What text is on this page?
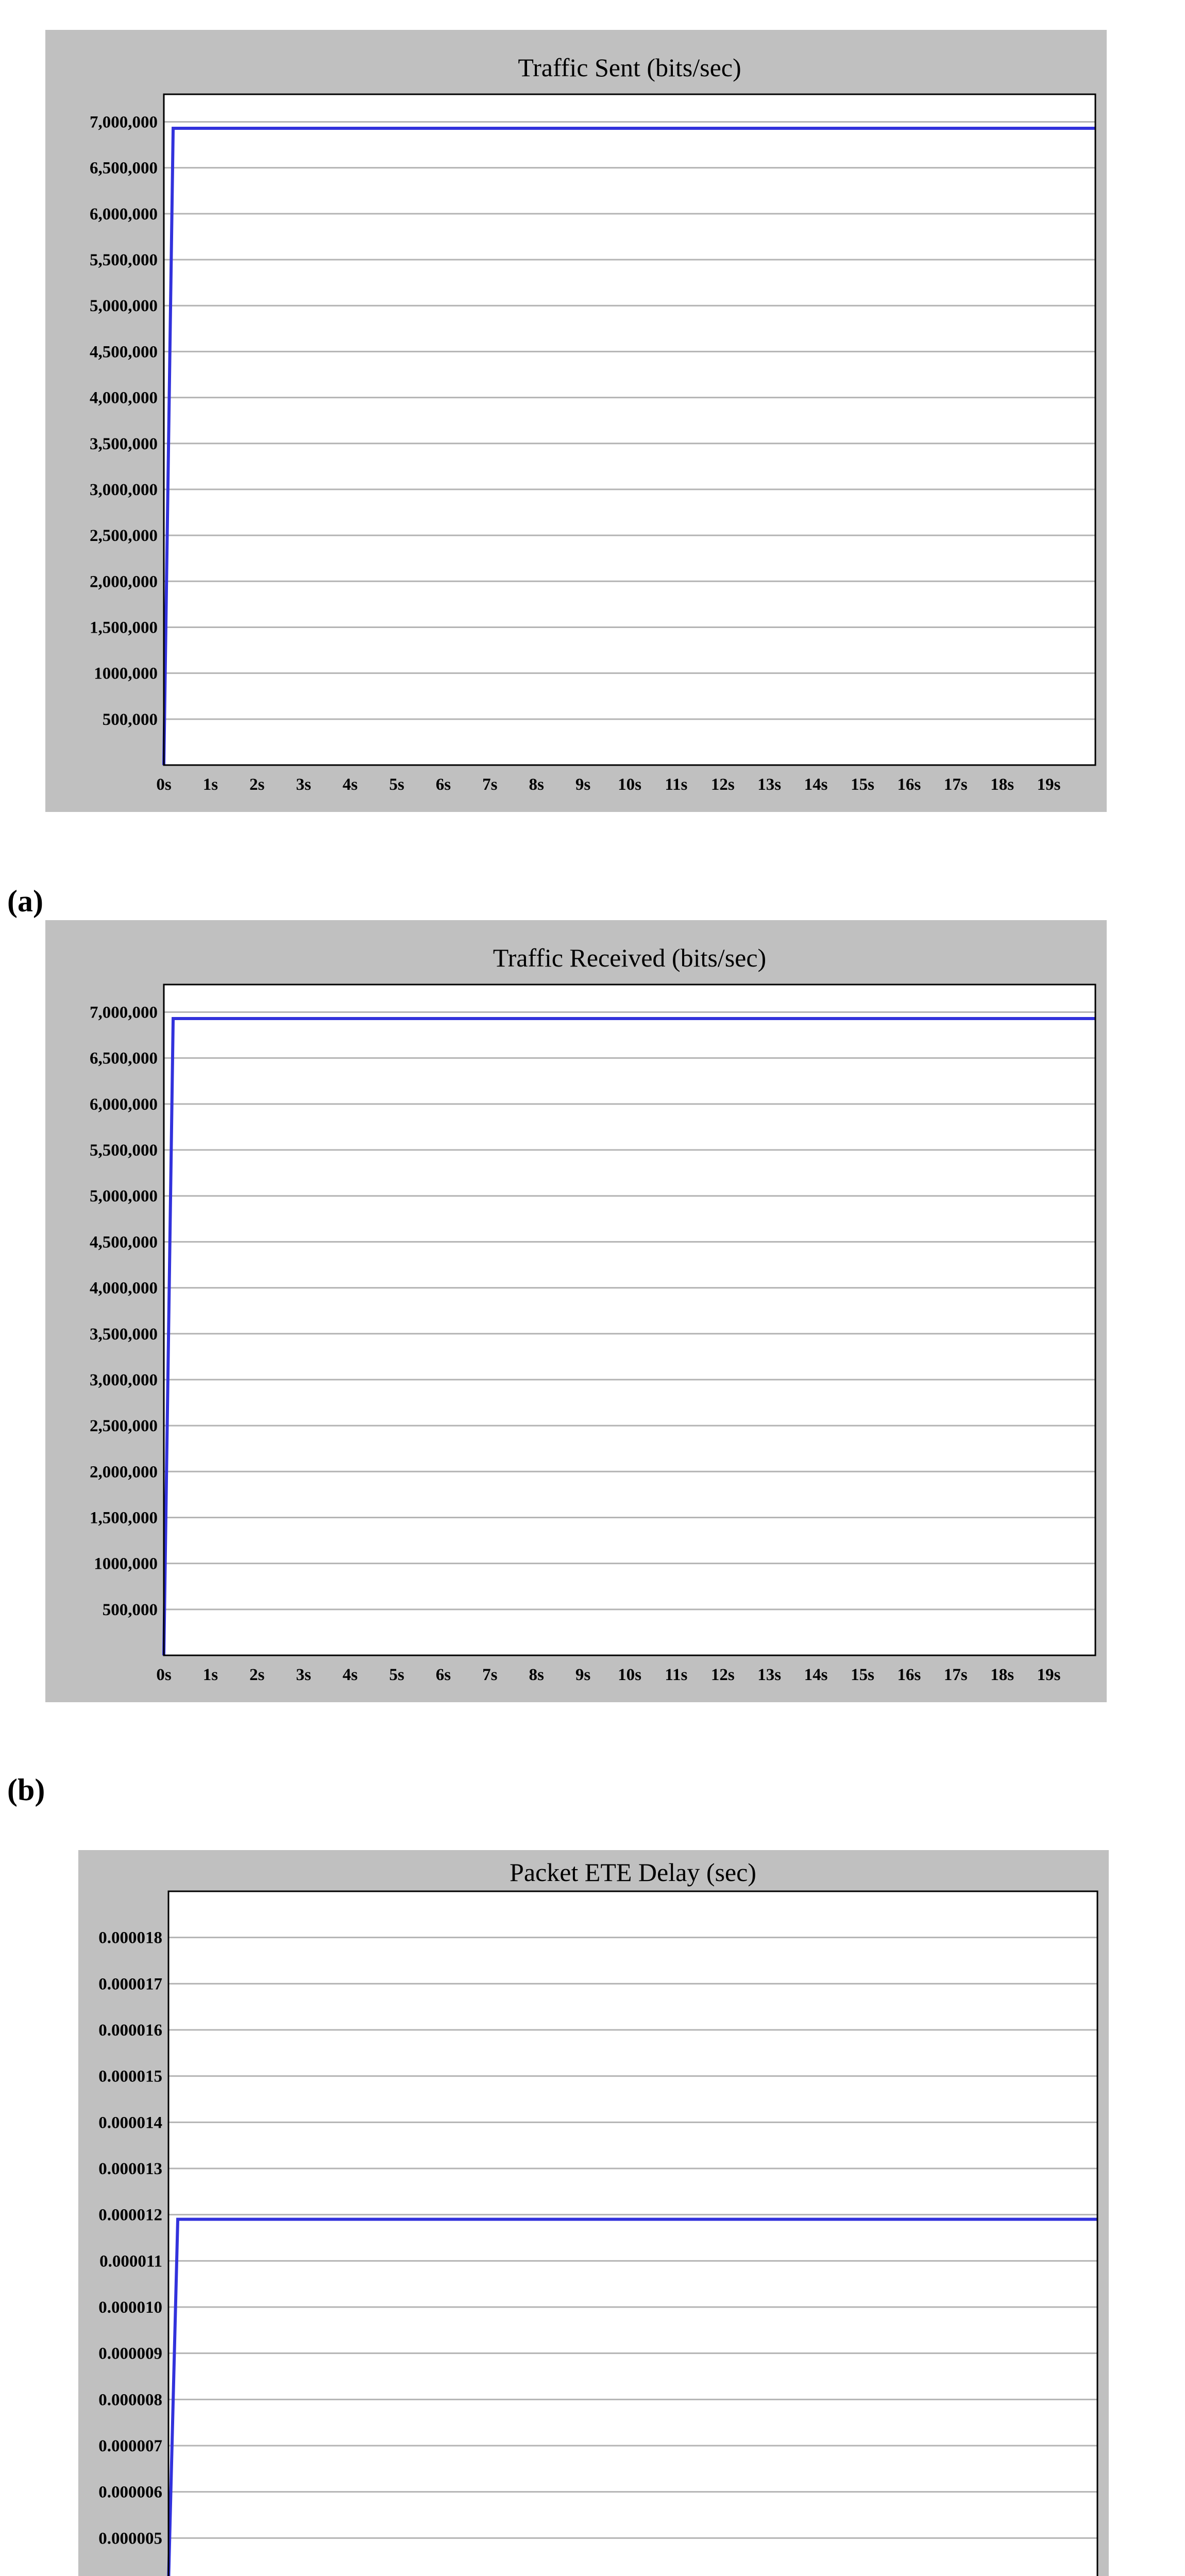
Traffic Sent (bits/sec)
500,000
1000,000
1,500,000
2,000,000
2,500,000
3,000,000
3,500,000
4,000,000
4,500,000
5,000,000
5,500,000
6,000,000
6,500,000
7,000,000
0s 1s 2s 3s 4s 5s 6s 7s 8s 9s 10s 11s 12s 13s 14s 15s 16s 17s 18s 19s
(a)
Traffic Received (bits/sec)
500,000
1000,000
1,500,000
2,000,000
2,500,000
3,000,000
3,500,000
4,000,000
4,500,000
5,000,000
5,500,000
6,000,000
6,500,000
7,000,000
0s 1s 2s 3s 4s 5s 6s 7s 8s 9s 10s 11s 12s 13s 14s 15s 16s 17s 18s 19s
(b)
Packet ETE Delay (sec)
0.000005
0.000006
0.000007
0.000008
0.000009
0.000010
0.000011
0.000012
0.000013
0.000014
0.000015
0.000016
0.000017
0.000018
